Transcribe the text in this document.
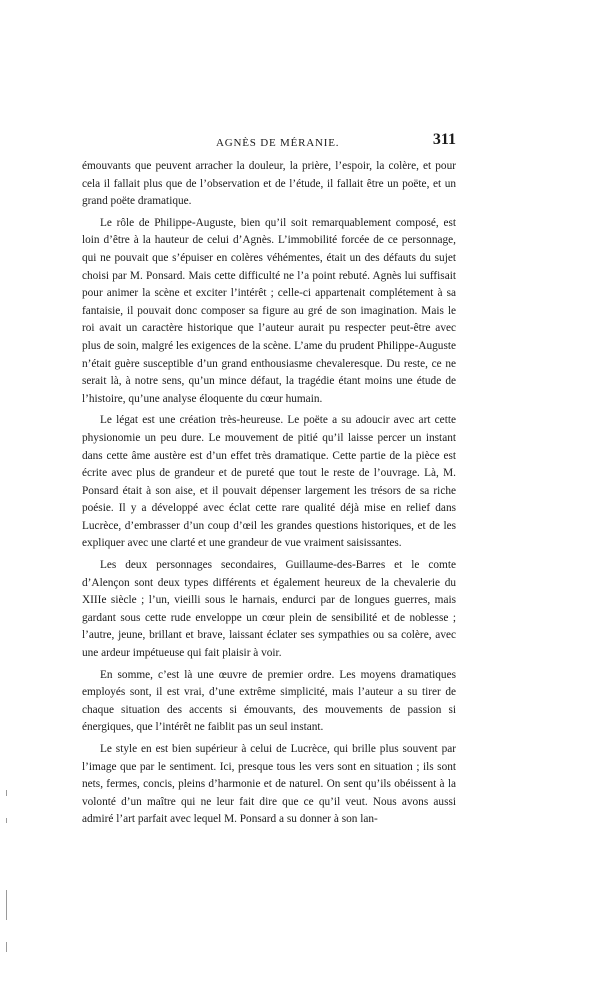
AGNÈS DE MÉRANIE.	311

émouvants que peuvent arracher la douleur, la prière, l’espoir, la colère, et pour cela il fallait plus que de l’observation et de l’étude, il fallait être un poëte, et un grand poëte dramatique.

Le rôle de Philippe-Auguste, bien qu’il soit remarquablement composé, est loin d’être à la hauteur de celui d’Agnès. L’immobilité forcée de ce personnage, qui ne pouvait que s’épuiser en colères véhémentes, était un des défauts du sujet choisi par M. Ponsard. Mais cette difficulté ne l’a point rebuté. Agnès lui suffisait pour animer la scène et exciter l’intérêt ; celle-ci appartenait complétement à sa fantaisie, il pouvait donc composer sa figure au gré de son imagination. Mais le roi avait un caractère historique que l’auteur aurait pu respecter peut-être avec plus de soin, malgré les exigences de la scène. L’ame du prudent Philippe-Auguste n’était guère susceptible d’un grand enthousiasme chevaleresque. Du reste, ce ne serait là, à notre sens, qu’un mince défaut, la tragédie étant moins une étude de l’histoire, qu’une analyse éloquente du cœur humain.

Le légat est une création très-heureuse. Le poëte a su adoucir avec art cette physionomie un peu dure. Le mouvement de pitié qu’il laisse percer un instant dans cette âme austère est d’un effet très dramatique. Cette partie de la pièce est écrite avec plus de grandeur et de pureté que tout le reste de l’ouvrage. Là, M. Ponsard était à son aise, et il pouvait dépenser largement les trésors de sa riche poésie. Il y a développé avec éclat cette rare qualité déjà mise en relief dans Lucrèce, d’embrasser d’un coup d’œil les grandes questions historiques, et de les expliquer avec une clarté et une grandeur de vue vraiment saisissantes.

Les deux personnages secondaires, Guillaume-des-Barres et le comte d’Alençon sont deux types différents et également heureux de la chevalerie du XIIIe siècle ; l’un, vieilli sous le harnais, endurci par de longues guerres, mais gardant sous cette rude enveloppe un cœur plein de sensibilité et de noblesse ; l’autre, jeune, brillant et brave, laissant éclater ses sympathies ou sa colère, avec une ardeur impétueuse qui fait plaisir à voir.

En somme, c’est là une œuvre de premier ordre. Les moyens dramatiques employés sont, il est vrai, d’une extrême simplicité, mais l’auteur a su tirer de chaque situation des accents si émouvants, des mouvements de passion si énergiques, que l’intérêt ne faiblit pas un seul instant.

Le style en est bien supérieur à celui de Lucrèce, qui brille plus souvent par l’image que par le sentiment. Ici, presque tous les vers sont en situation ; ils sont nets, fermes, concis, pleins d’harmonie et de naturel. On sent qu’ils obéissent à la volonté d’un maître qui ne leur fait dire que ce qu’il veut. Nous avons aussi admiré l’art parfait avec lequel M. Ponsard a su donner à son lan-
